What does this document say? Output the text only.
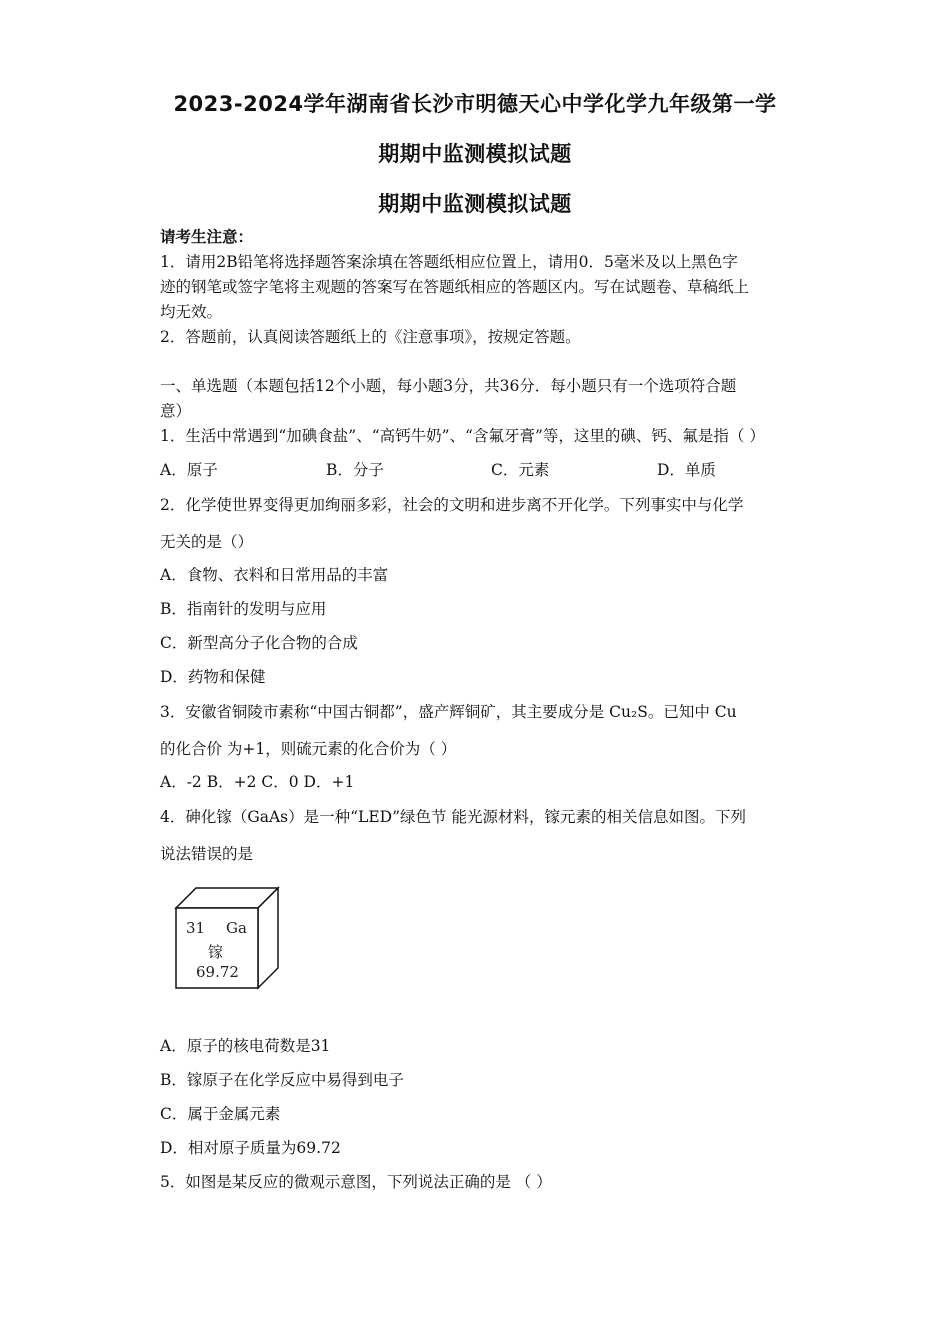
2023-2024学年湖南省长沙市明德天心中学化学九年级第一学
期期中监测模拟试题
期期中监测模拟试题
请考生注意：
1．请用2B铅笔将选择题答案涂填在答题纸相应位置上，请用0．5毫米及以上黑色字
迹的钢笔或签字笔将主观题的答案写在答题纸相应的答题区内。写在试题卷、草稿纸上
均无效。
2．答题前，认真阅读答题纸上的《注意事项》，按规定答题。
一、单选题（本题包括12个小题，每小题3分，共36分．每小题只有一个选项符合题
意）
1．生活中常遇到“加碘食盐”、“高钙牛奶”、“含氟牙膏”等，这里的碘、钙、氟是指（ ）
A．原子	B．分子	C．元素	D．单质
2．化学使世界变得更加绚丽多彩，社会的文明和进步离不开化学。下列事实中与化学
无关的是（）
A．食物、衣料和日常用品的丰富
B．指南针的发明与应用
C．新型高分子化合物的合成
D．药物和保健
3．安徽省铜陵市素称“中国古铜都”，盛产辉铜矿，其主要成分是 Cu₂S。已知中 Cu
的化合价 为+1，则硫元素的化合价为（ ）
A．-2 B．+2 C．0 D．+1
4．砷化镓（GaAs）是一种“LED”绿色节 能光源材料，镓元素的相关信息如图。下列
说法错误的是
31 Ga
镓
69.72
A．原子的核电荷数是31
B．镓原子在化学反应中易得到电子
C．属于金属元素
D．相对原子质量为69.72
5．如图是某反应的微观示意图，下列说法正确的是 （ ）
